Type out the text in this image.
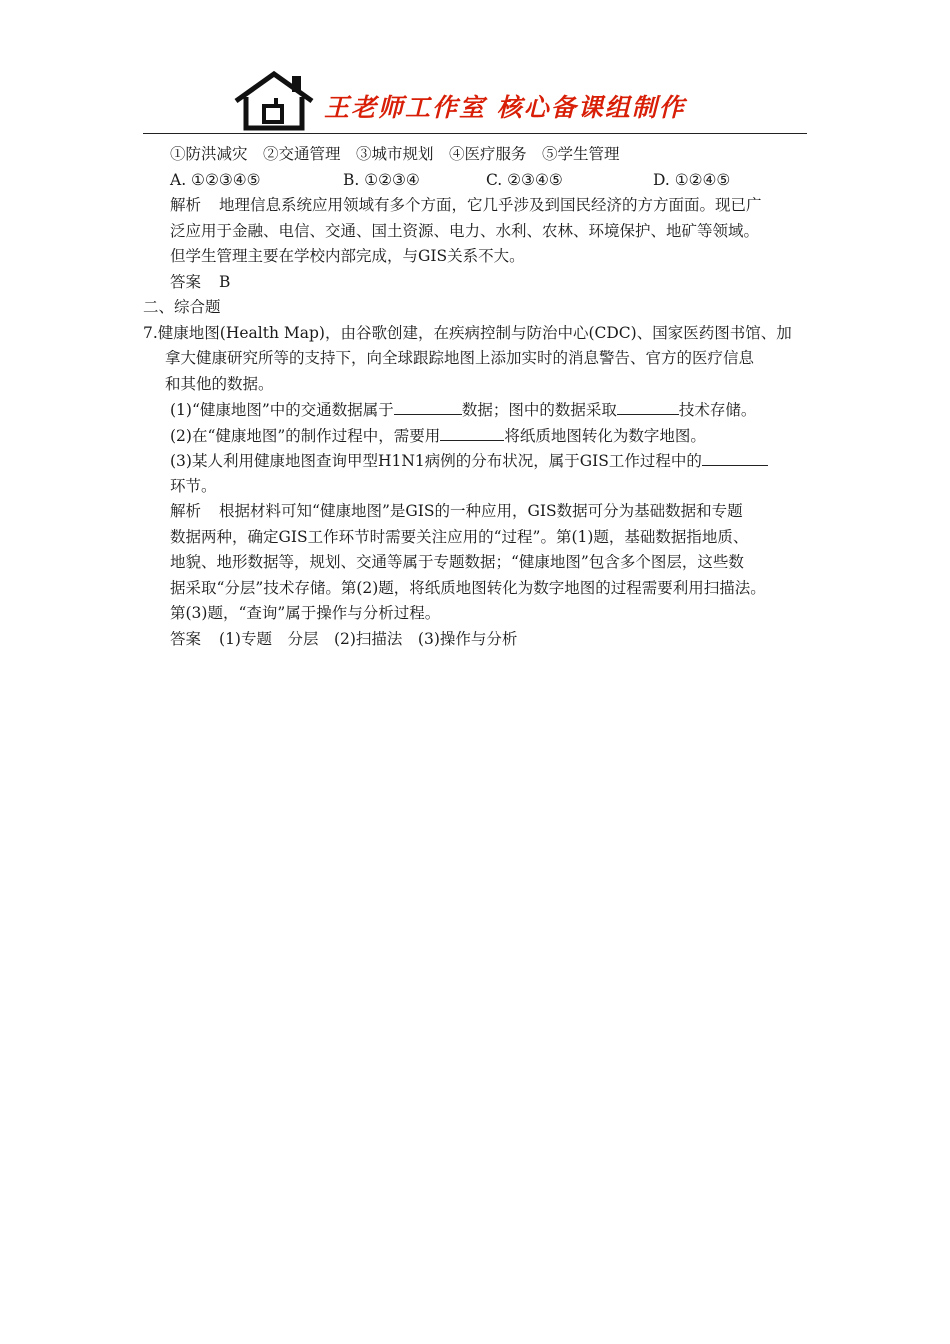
王老师工作室 核心备课组制作
①防洪减灾　②交通管理　③城市规划　④医疗服务　⑤学生管理
A. ①②③④⑤	B. ①②③④	C. ②③④⑤	D. ①②④⑤
解析 地理信息系统应用领域有多个方面，它几乎涉及到国民经济的方方面面。现已广
泛应用于金融、电信、交通、国土资源、电力、水利、农林、环境保护、地矿等领域。
但学生管理主要在学校内部完成，与GIS关系不大。
答案 B
二、综合题
7.健康地图(Health Map)，由谷歌创建，在疾病控制与防治中心(CDC)、国家医药图书馆、加
拿大健康研究所等的支持下，向全球跟踪地图上添加实时的消息警告、官方的医疗信息
和其他的数据。
(1)“健康地图”中的交通数据属于	数据；图中的数据采取	技术存储。
(2)在“健康地图”的制作过程中，需要用	将纸质地图转化为数字地图。
(3)某人利用健康地图查询甲型H1N1病例的分布状况，属于GIS工作过程中的
环节。
解析 根据材料可知“健康地图”是GIS的一种应用，GIS数据可分为基础数据和专题
数据两种，确定GIS工作环节时需要关注应用的“过程”。第(1)题，基础数据指地质、
地貌、地形数据等，规划、交通等属于专题数据；“健康地图”包含多个图层，这些数
据采取“分层”技术存储。第(2)题，将纸质地图转化为数字地图的过程需要利用扫描法。
第(3)题，“查询”属于操作与分析过程。
答案 (1)专题　分层　(2)扫描法　(3)操作与分析
